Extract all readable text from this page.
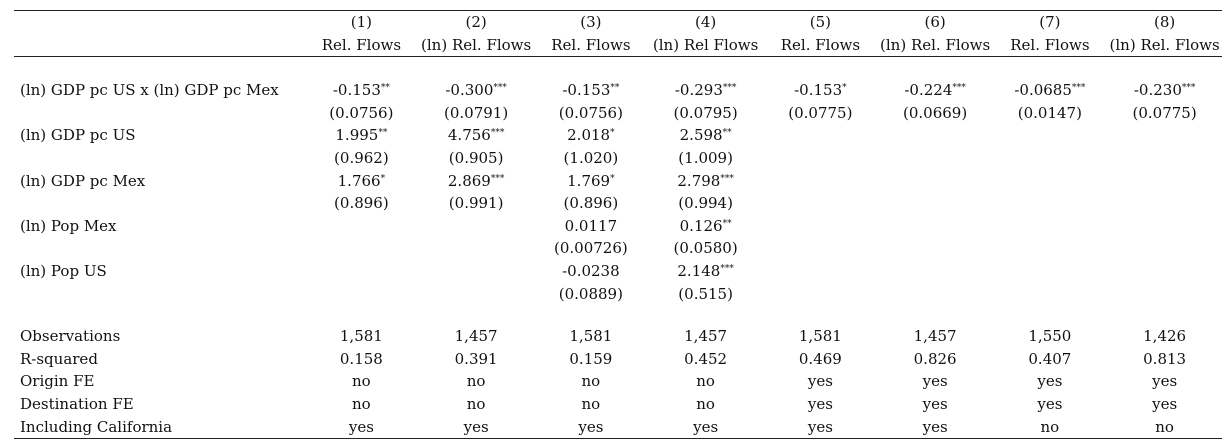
	(1)	(2)	(3)	(4)	(5)	(6)	(7)	(8)
	Rel. Flows	(ln) Rel. Flows	Rel. Flows	(ln) Rel Flows	Rel. Flows	(ln) Rel. Flows	Rel. Flows	(ln) Rel. Flows

(ln) GDP pc US x (ln) GDP pc Mex	-0.153**	-0.300***	-0.153**	-0.293***	-0.153*	-0.224***	-0.0685***	-0.230***
	(0.0756)	(0.0791)	(0.0756)	(0.0795)	(0.0775)	(0.0669)	(0.0147)	(0.0775)
(ln) GDP pc US	1.995**	4.756***	2.018*	2.598**				
	(0.962)	(0.905)	(1.020)	(1.009)				
(ln) GDP pc Mex	1.766*	2.869***	1.769*	2.798***				
	(0.896)	(0.991)	(0.896)	(0.994)				
(ln) Pop Mex			0.0117	0.126**				
			(0.00726)	(0.0580)				
(ln) Pop US			-0.0238	2.148***				
			(0.0889)	(0.515)				

Observations	1,581	1,457	1,581	1,457	1,581	1,457	1,550	1,426
R-squared	0.158	0.391	0.159	0.452	0.469	0.826	0.407	0.813
Origin FE	no	no	no	no	yes	yes	yes	yes
Destination FE	no	no	no	no	yes	yes	yes	yes
Including California	yes	yes	yes	yes	yes	yes	no	no
